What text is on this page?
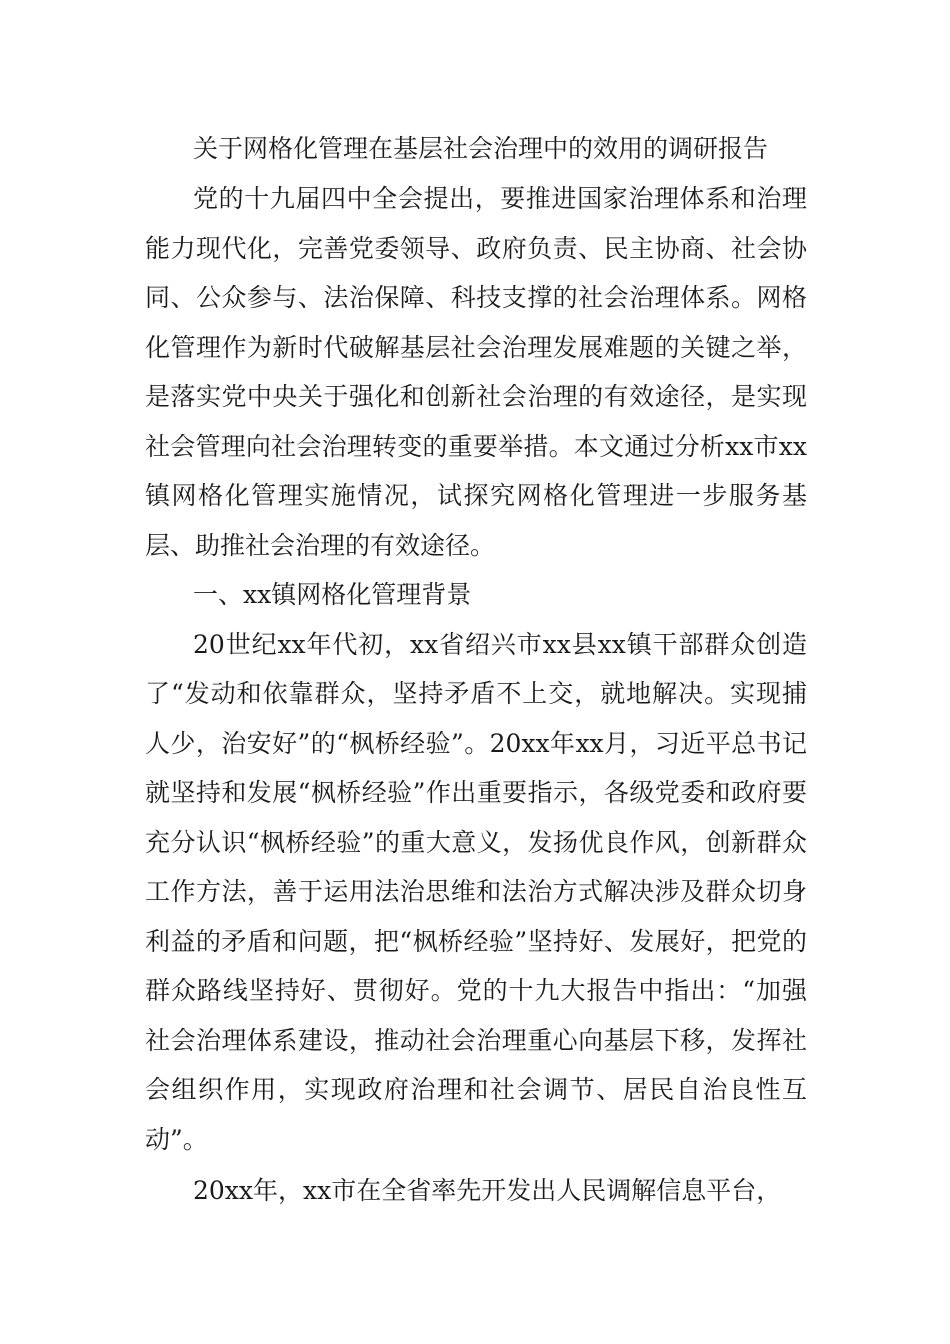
关于网格化管理在基层社会治理中的效用的调研报告

党的十九届四中全会提出，要推进国家治理体系和治理能力现代化，完善党委领导、政府负责、民主协商、社会协同、公众参与、法治保障、科技支撑的社会治理体系。网格化管理作为新时代破解基层社会治理发展难题的关键之举，是落实党中央关于强化和创新社会治理的有效途径，是实现社会管理向社会治理转变的重要举措。本文通过分析xx市xx镇网格化管理实施情况，试探究网格化管理进一步服务基层、助推社会治理的有效途径。

一、xx镇网格化管理背景

20世纪xx年代初，xx省绍兴市xx县xx镇干部群众创造了“发动和依靠群众，坚持矛盾不上交，就地解决。实现捕人少，治安好”的“枫桥经验”。20xx年xx月，习近平总书记就坚持和发展“枫桥经验”作出重要指示，各级党委和政府要充分认识“枫桥经验”的重大意义，发扬优良作风，创新群众工作方法，善于运用法治思维和法治方式解决涉及群众切身利益的矛盾和问题，把“枫桥经验”坚持好、发展好，把党的群众路线坚持好、贯彻好。党的十九大报告中指出：“加强社会治理体系建设，推动社会治理重心向基层下移，发挥社会组织作用，实现政府治理和社会调节、居民自治良性互动”。

20xx年，xx市在全省率先开发出人民调解信息平台，
